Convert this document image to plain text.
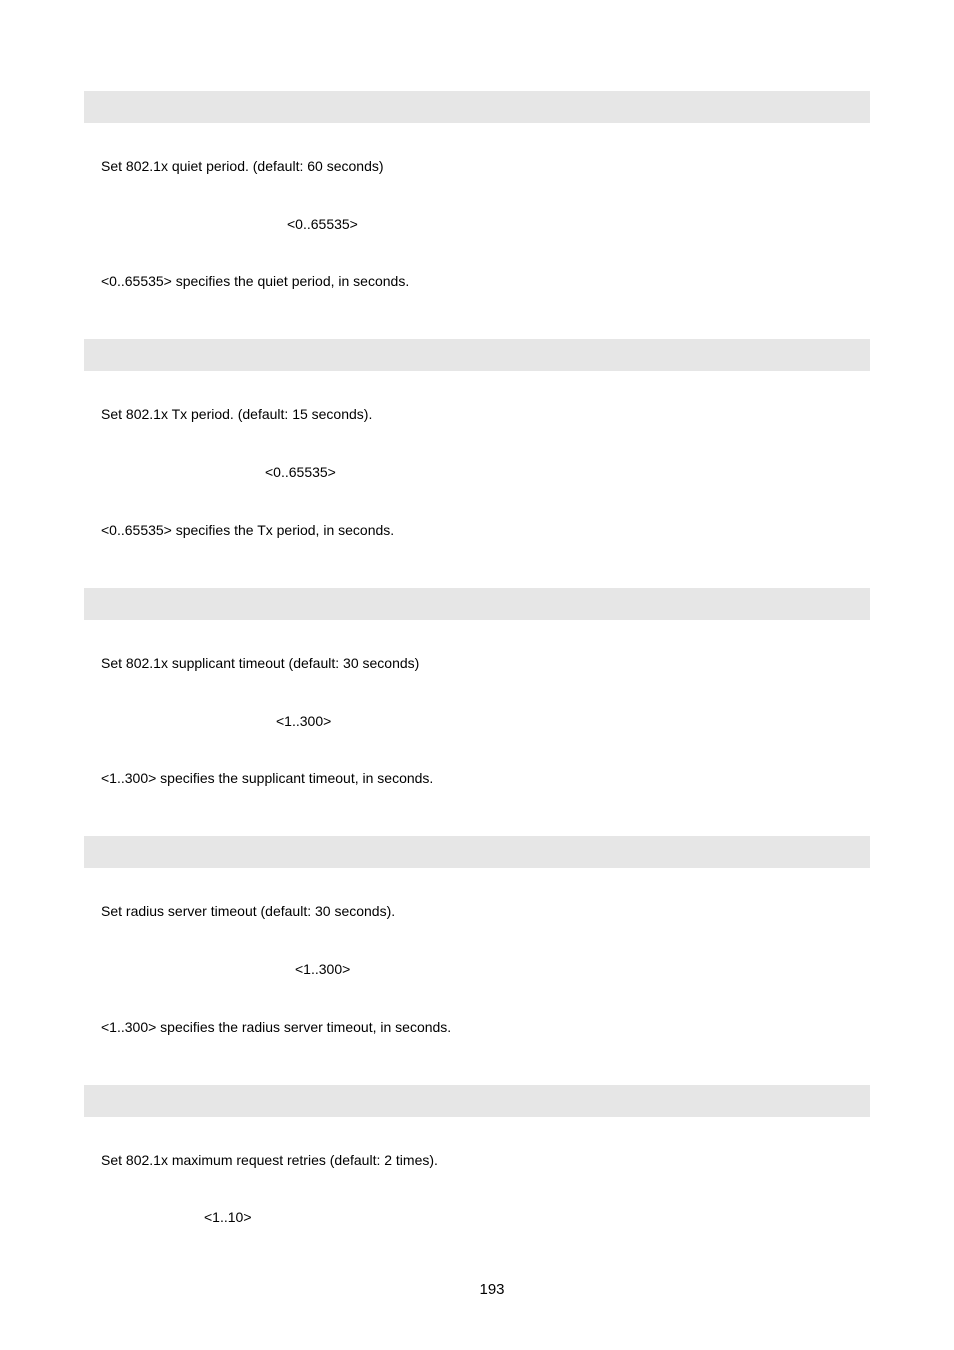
Set 802.1x quiet period. (default: 60 seconds)
<0..65535>
<0..65535> specifies the quiet period, in seconds.
Set 802.1x Tx period. (default: 15 seconds).
<0..65535>
<0..65535> specifies the Tx period, in seconds.
Set 802.1x supplicant timeout (default: 30 seconds)
<1..300>
<1..300> specifies the supplicant timeout, in seconds.
Set radius server timeout (default: 30 seconds).
<1..300>
<1..300> specifies the radius server timeout, in seconds.
Set 802.1x maximum request retries (default: 2 times).
<1..10>
193
